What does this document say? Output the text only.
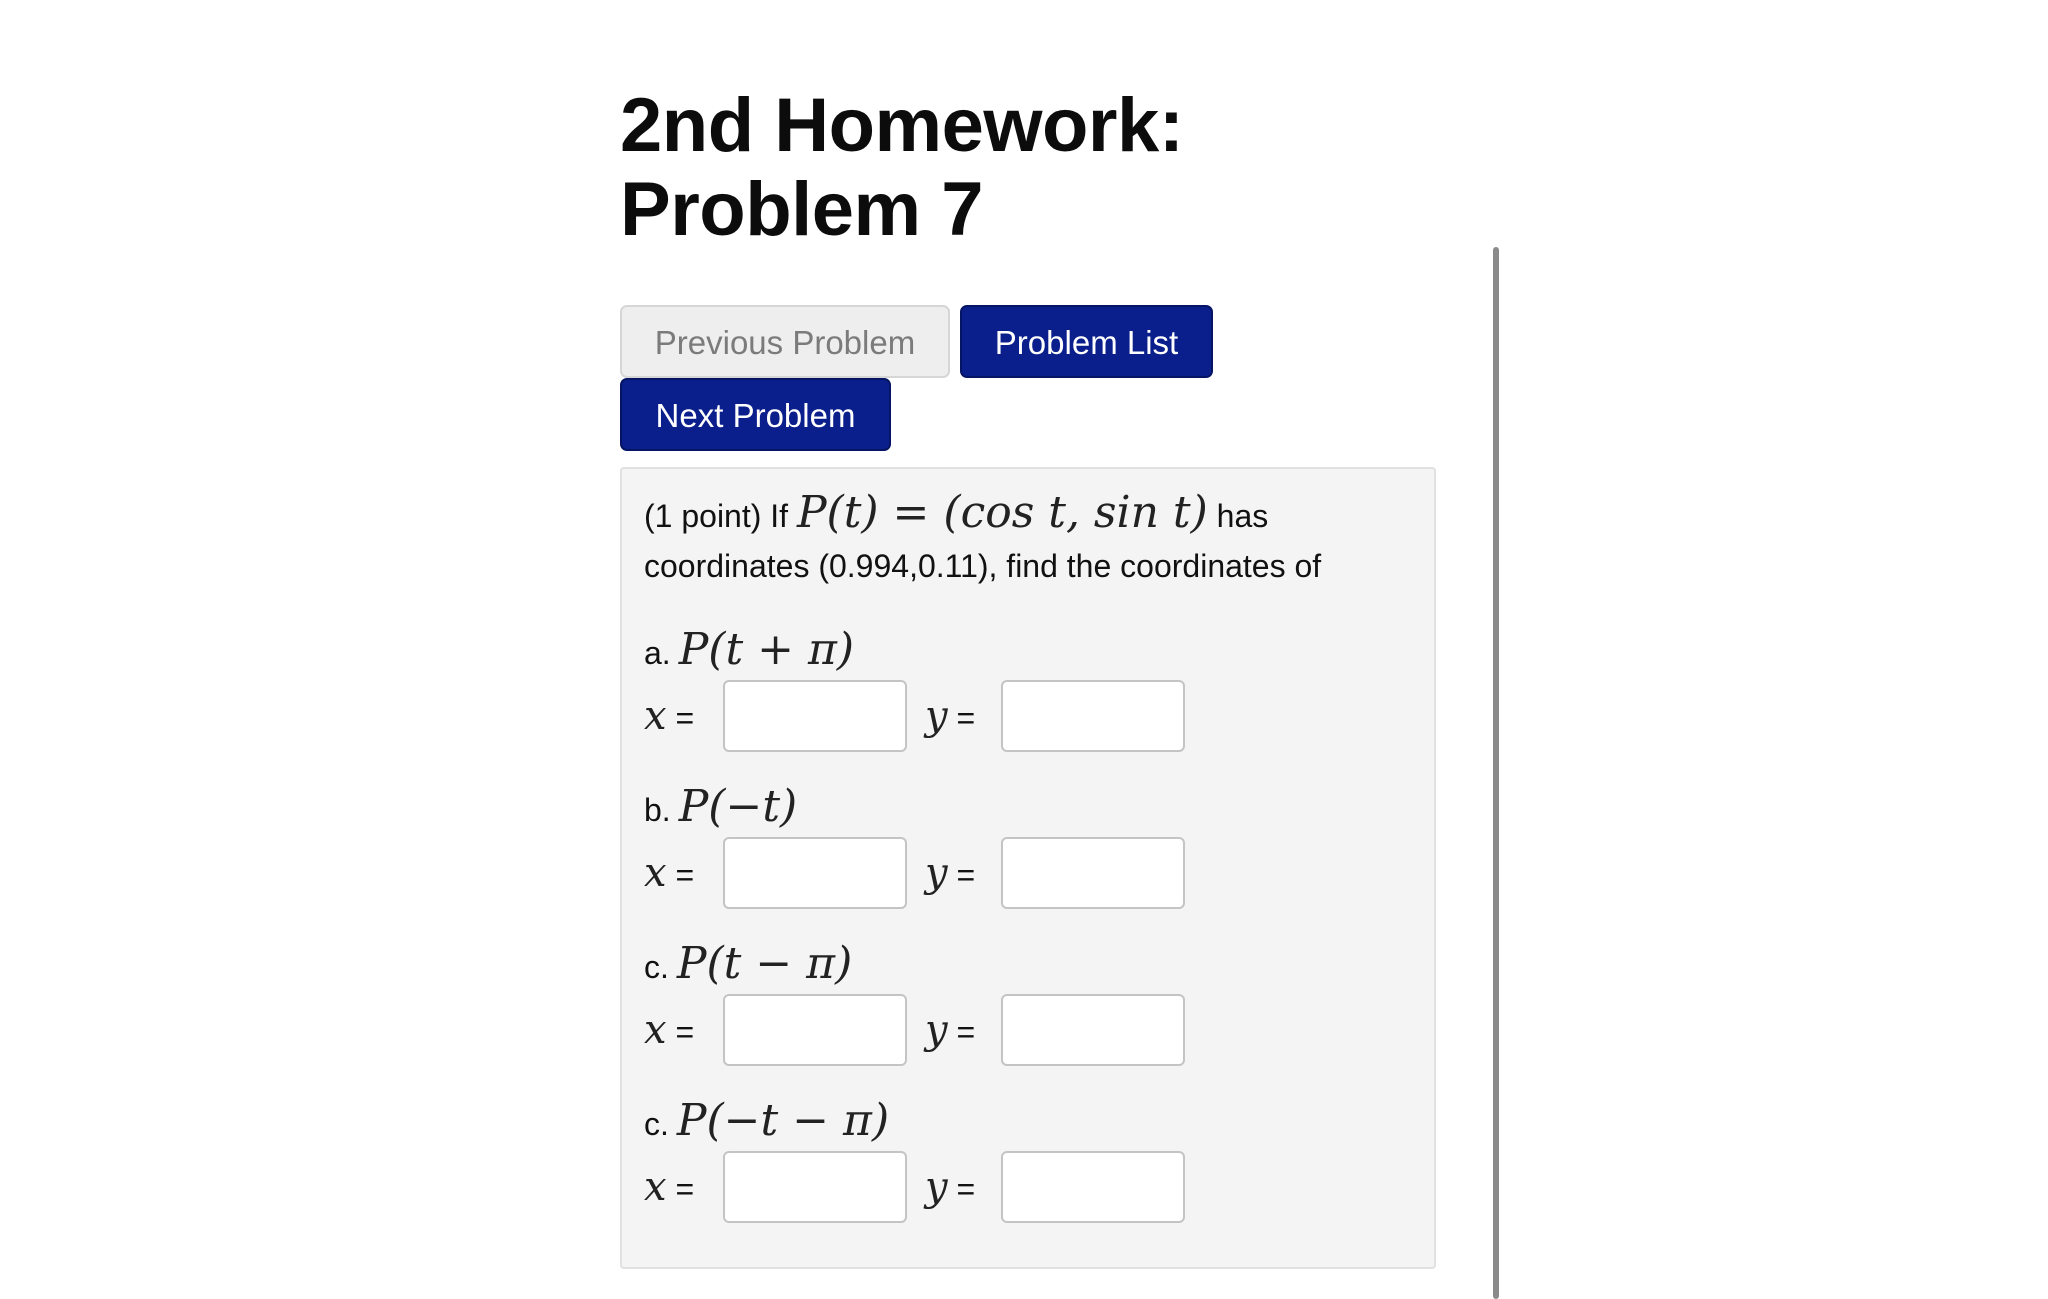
2nd Homework:
Problem 7
Previous Problem	Problem List
Next Problem
(1 point) If P(t) = (cos t, sin t) has
coordinates (0.994,0.11), find the coordinates of
a. P(t + π)
x =	y =
b. P(−t)
x =	y =
c. P(t − π)
x =	y =
c. P(−t − π)
x =	y =
